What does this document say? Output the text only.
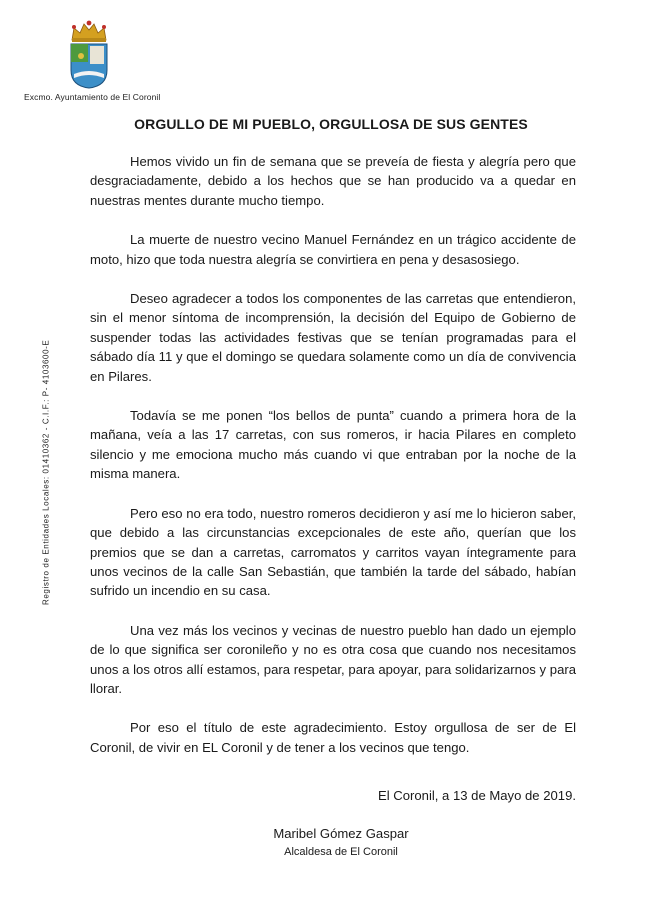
Excmo. Ayuntamiento de El Coronil
Registro de Entidades Locales: 01410362 - C.I.F.: P- 4103600-E
ORGULLO DE MI PUEBLO, ORGULLOSA DE SUS GENTES

Hemos vivido un fin de semana que se preveía de fiesta y alegría pero que desgraciadamente, debido a los hechos que se han producido va a quedar en nuestras mentes durante mucho tiempo.

La muerte de nuestro vecino Manuel Fernández en un trágico accidente de moto, hizo que toda nuestra alegría se convirtiera en pena y desasosiego.

Deseo agradecer a todos los componentes de las carretas que entendieron, sin el menor síntoma de incomprensión, la decisión del Equipo de Gobierno de suspender todas las actividades festivas que se tenían programadas para el sábado día 11 y que el domingo se quedara solamente como un día de convivencia en Pilares.

Todavía se me ponen “los bellos de punta” cuando a primera hora de la mañana, veía a las 17 carretas, con sus romeros, ir hacia Pilares en completo silencio y me emociona mucho más cuando vi que entraban por la noche de la misma manera.

Pero eso no era todo, nuestro romeros decidieron y así me lo hicieron saber, que debido a las circunstancias excepcionales de este año, querían que los premios que se dan a carretas, carromatos y carritos vayan íntegramente para unos vecinos de la calle San Sebastián, que también la tarde del sábado, habían sufrido un incendio en su casa.

Una vez más los vecinos y vecinas de nuestro pueblo han dado un ejemplo de lo que significa ser coronileño y no es otra cosa que cuando nos necesitamos unos a los otros allí estamos, para respetar, para apoyar, para solidarizarnos y para llorar.

Por eso el título de este agradecimiento. Estoy orgullosa de ser de El Coronil, de vivir en EL Coronil y de tener a los vecinos que tengo.

El Coronil, a 13 de Mayo de 2019.
Maribel Gómez Gaspar
Alcaldesa de El Coronil
